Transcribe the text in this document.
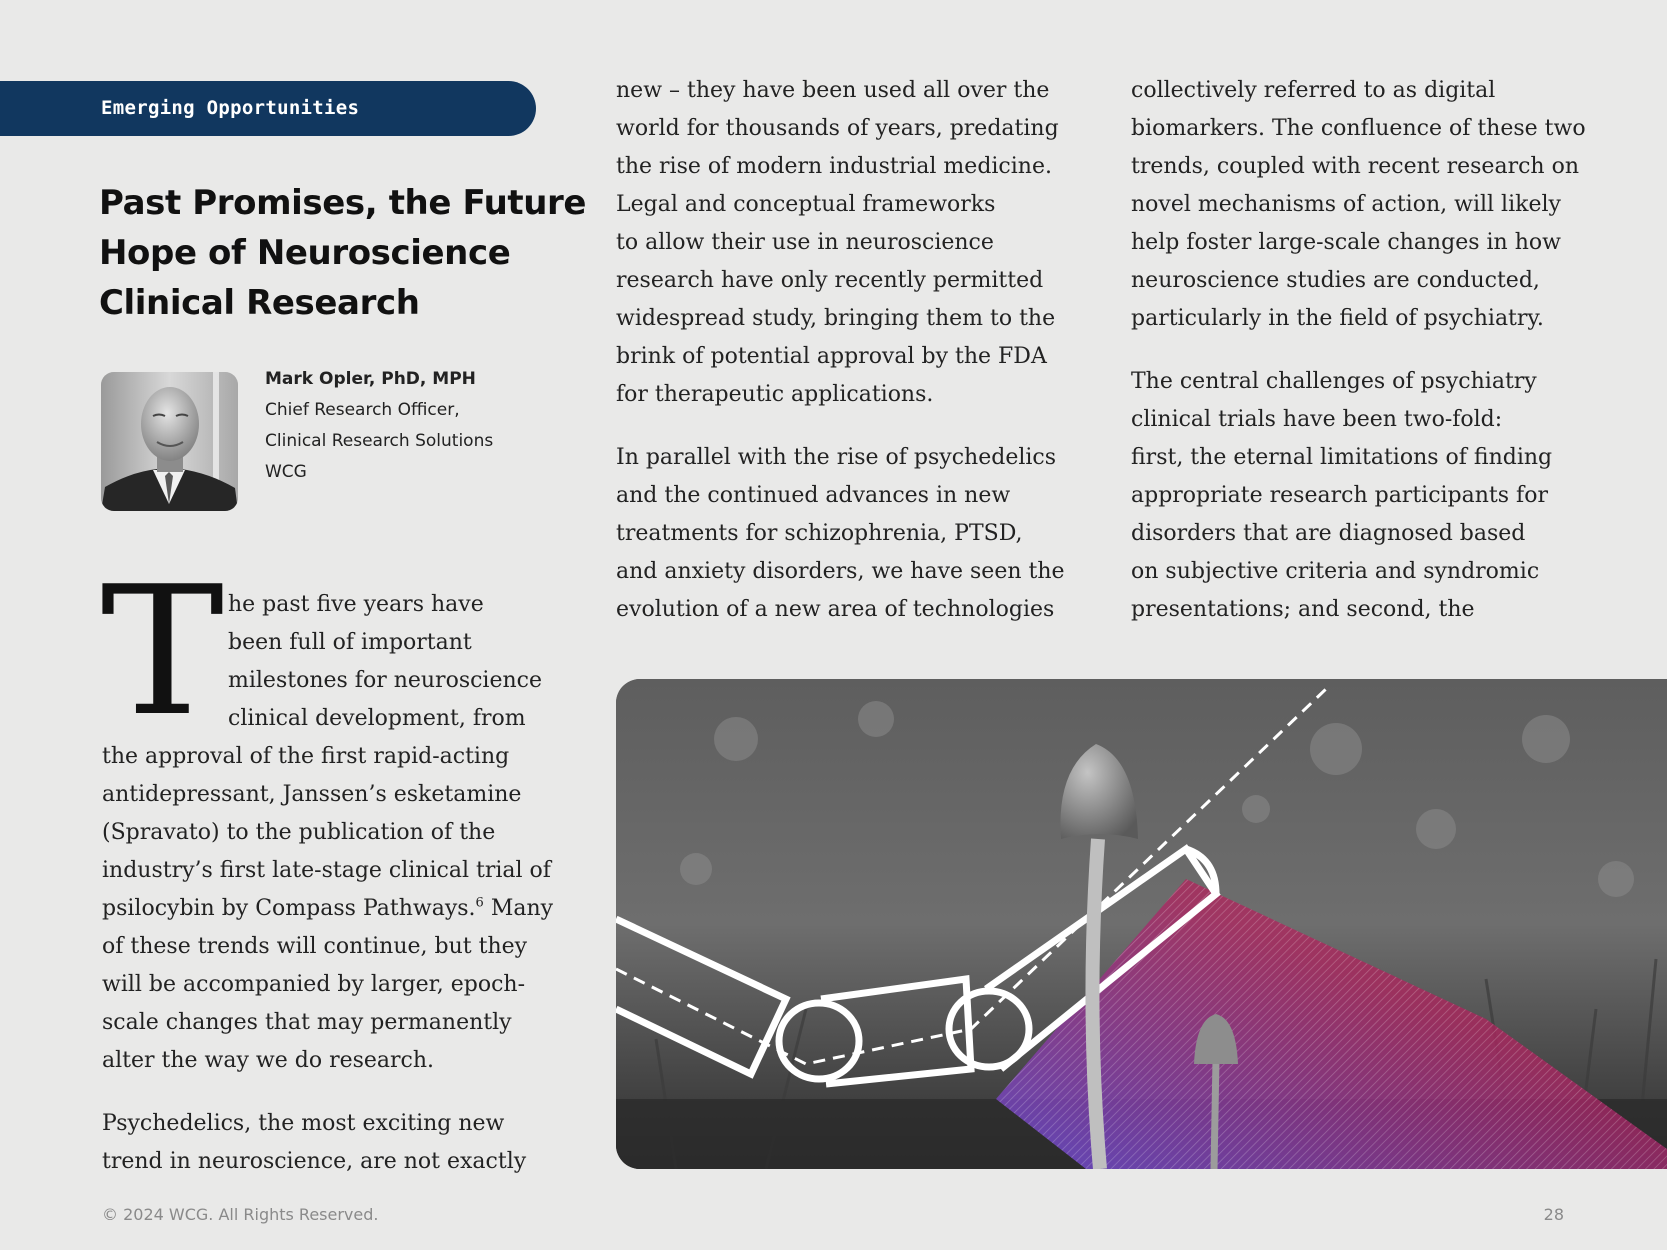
Emerging Opportunities
Past Promises, the Future
Hope of Neuroscience
Clinical Research
Mark Opler, PhD, MPH
Chief Research Officer,
Clinical Research Solutions
WCG
T he past five years have
been full of important
milestones for neuroscience
clinical development, from
the approval of the first rapid-acting
antidepressant, Janssen’s esketamine
(Spravato) to the publication of the
industry’s first late-stage clinical trial of
psilocybin by Compass Pathways.$^6$ Many
of these trends will continue, but they
will be accompanied by larger, epoch-
scale changes that may permanently
alter the way we do research.

Psychedelics, the most exciting new
trend in neuroscience, are not exactly

new – they have been used all over the
world for thousands of years, predating
the rise of modern industrial medicine.
Legal and conceptual frameworks
to allow their use in neuroscience
research have only recently permitted
widespread study, bringing them to the
brink of potential approval by the FDA
for therapeutic applications.

In parallel with the rise of psychedelics
and the continued advances in new
treatments for schizophrenia, PTSD,
and anxiety disorders, we have seen the
evolution of a new area of technologies

collectively referred to as digital
biomarkers. The confluence of these two
trends, coupled with recent research on
novel mechanisms of action, will likely
help foster large-scale changes in how
neuroscience studies are conducted,
particularly in the field of psychiatry.

The central challenges of psychiatry
clinical trials have been two-fold:
first, the eternal limitations of finding
appropriate research participants for
disorders that are diagnosed based
on subjective criteria and syndromic
presentations; and second, the

© 2024 WCG. All Rights Reserved.	28
